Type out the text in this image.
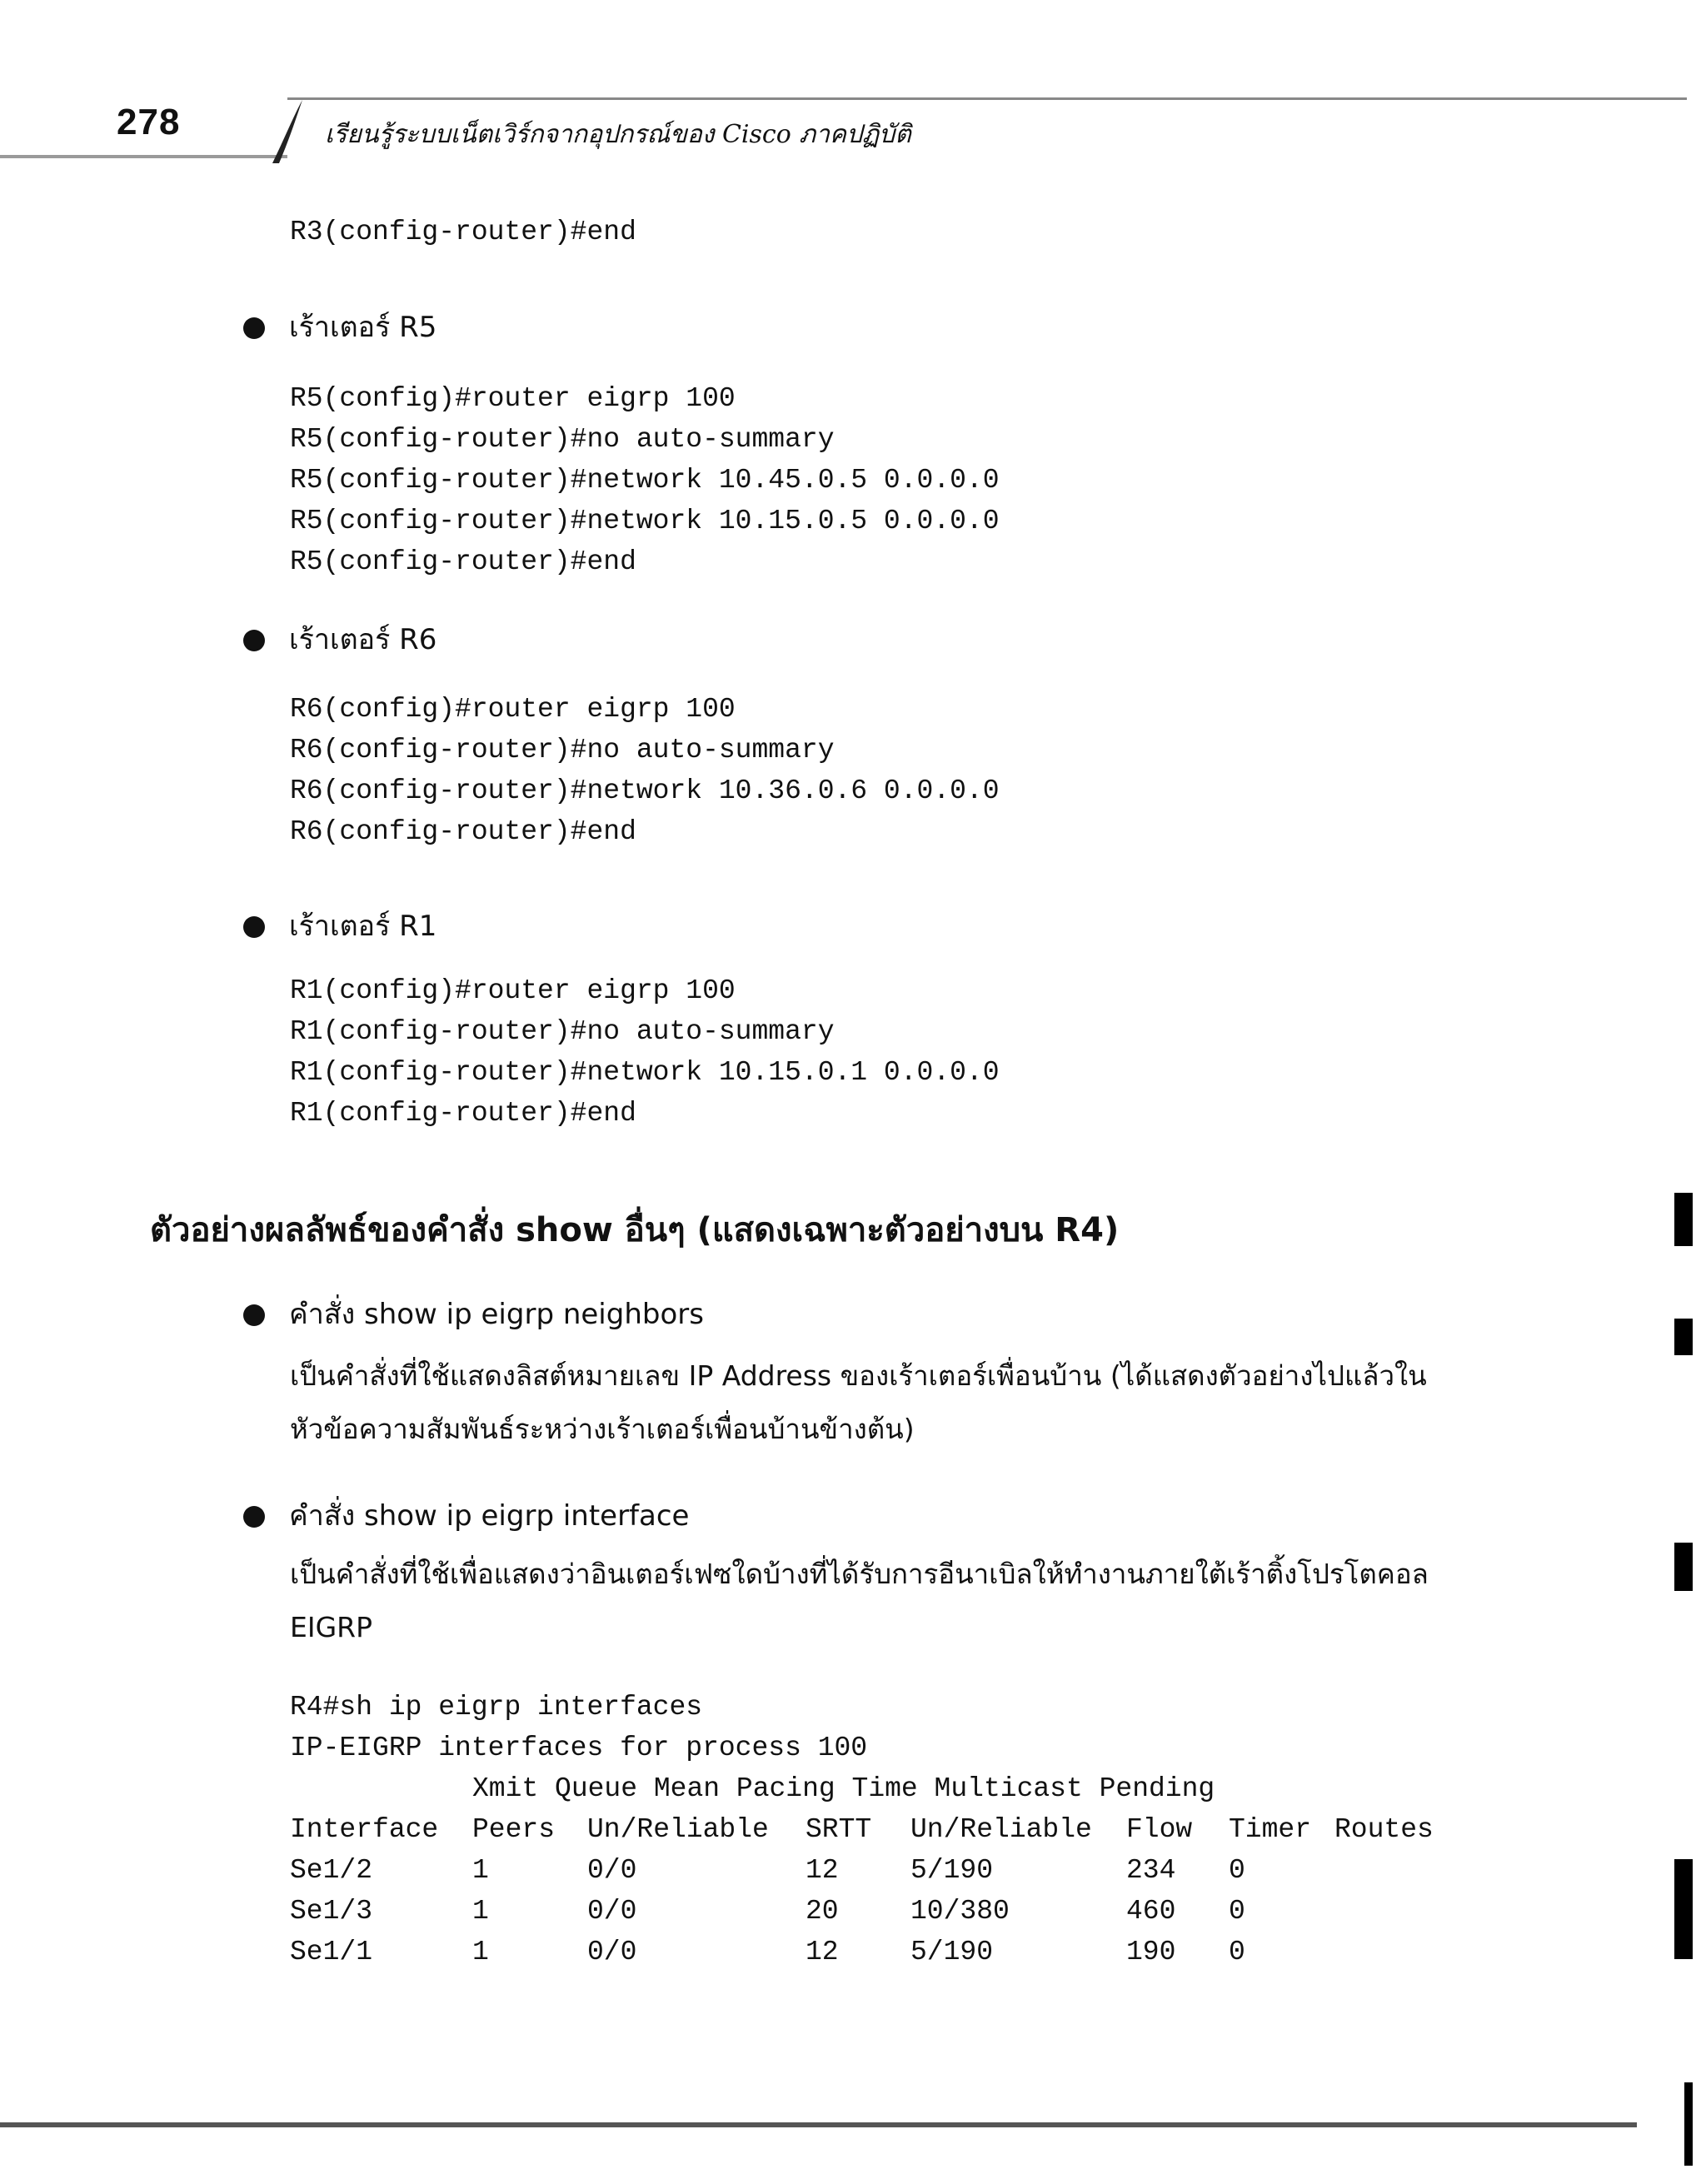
278	เรียนรู้ระบบเน็ตเวิร์กจากอุปกรณ์ของ Cisco ภาคปฏิบัติ
R3(config-router)#end
เร้าเตอร์ R5
R5(config)#router eigrp 100
R5(config-router)#no auto-summary
R5(config-router)#network 10.45.0.5 0.0.0.0
R5(config-router)#network 10.15.0.5 0.0.0.0
R5(config-router)#end
เร้าเตอร์ R6
R6(config)#router eigrp 100
R6(config-router)#no auto-summary
R6(config-router)#network 10.36.0.6 0.0.0.0
R6(config-router)#end
เร้าเตอร์ R1
R1(config)#router eigrp 100
R1(config-router)#no auto-summary
R1(config-router)#network 10.15.0.1 0.0.0.0
R1(config-router)#end
ตัวอย่างผลลัพธ์ของคำสั่ง show อื่นๆ (แสดงเฉพาะตัวอย่างบน R4)
คำสั่ง show ip eigrp neighbors
เป็นคำสั่งที่ใช้แสดงลิสต์หมายเลข IP Address ของเร้าเตอร์เพื่อนบ้าน (ได้แสดงตัวอย่างไปแล้วในหัวข้อความสัมพันธ์ระหว่างเร้าเตอร์เพื่อนบ้านข้างต้น)
คำสั่ง show ip eigrp interface
เป็นคำสั่งที่ใช้เพื่อแสดงว่าอินเตอร์เฟซใดบ้างที่ได้รับการอีนาเบิลให้ทำงานภายใต้เร้าติ้งโปรโตคอล EIGRP
R4#sh ip eigrp interfaces
IP-EIGRP interfaces for process 100
Xmit Queue Mean Pacing Time Multicast Pending
Interface	Peers	Un/Reliable	SRTT	Un/Reliable	Flow	Timer	Routes
Se1/2	1	0/0	12	5/190	234	0	
Se1/3	1	0/0	20	10/380	460	0	
Se1/1	1	0/0	12	5/190	190	0	
